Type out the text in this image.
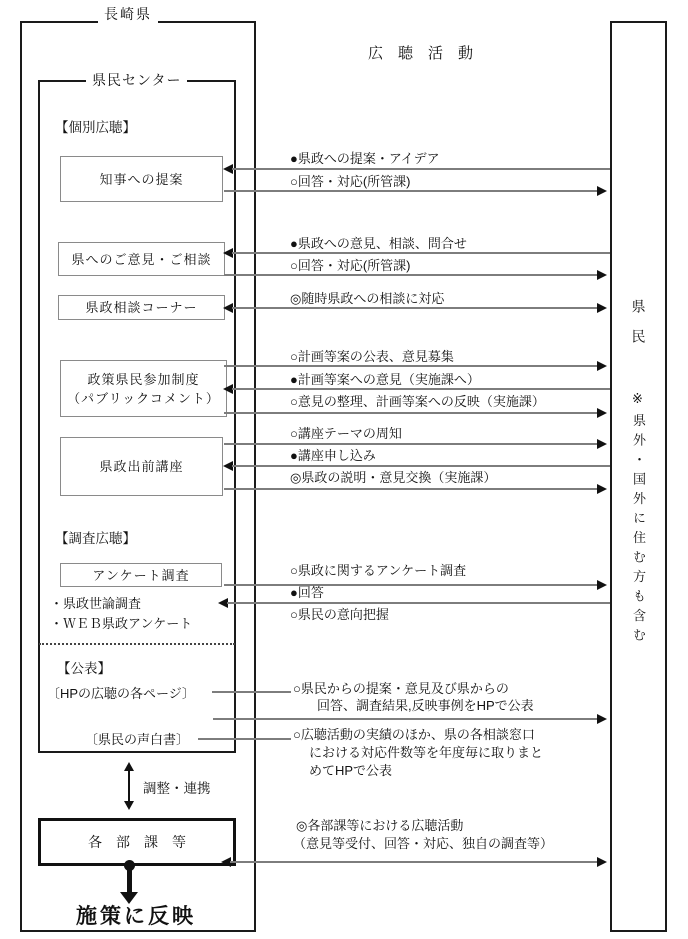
長崎県
県民センター
広　聴　活　動
県民
※県外・国外に住む方も含む
【個別広聴】
【調査広聴】
【公表】
知事への提案
県へのご意見・ご相談
県政相談コーナー
政策県民参加制度
（パブリックコメント）
県政出前講座
アンケート調査
・県政世論調査
・ＷＥＢ県政アンケート
〔HPの広聴の各ページ〕
〔県民の声白書〕
●県政への提案・アイデア
○回答・対応(所管課)
●県政への意見、相談、問合せ
○回答・対応(所管課)
◎随時県政への相談に対応
○計画等案の公表、意見募集
●計画等案への意見（実施課へ）
○意見の整理、計画等案への反映（実施課）
○講座テーマの周知
●講座申し込み
◎県政の説明・意見交換（実施課）
○県政に関するアンケート調査
●回答
○県民の意向把握
○県民からの提案・意見及び県からの
回答、調査結果,反映事例をHPで公表
○広聴活動の実績のほか、県の各相談窓口
における対応件数等を年度毎に取りまと
めてHPで公表
調整・連携
各　部　課　等
◎各部課等における広聴活動
（意見等受付、回答・対応、独自の調査等）
施策に反映
